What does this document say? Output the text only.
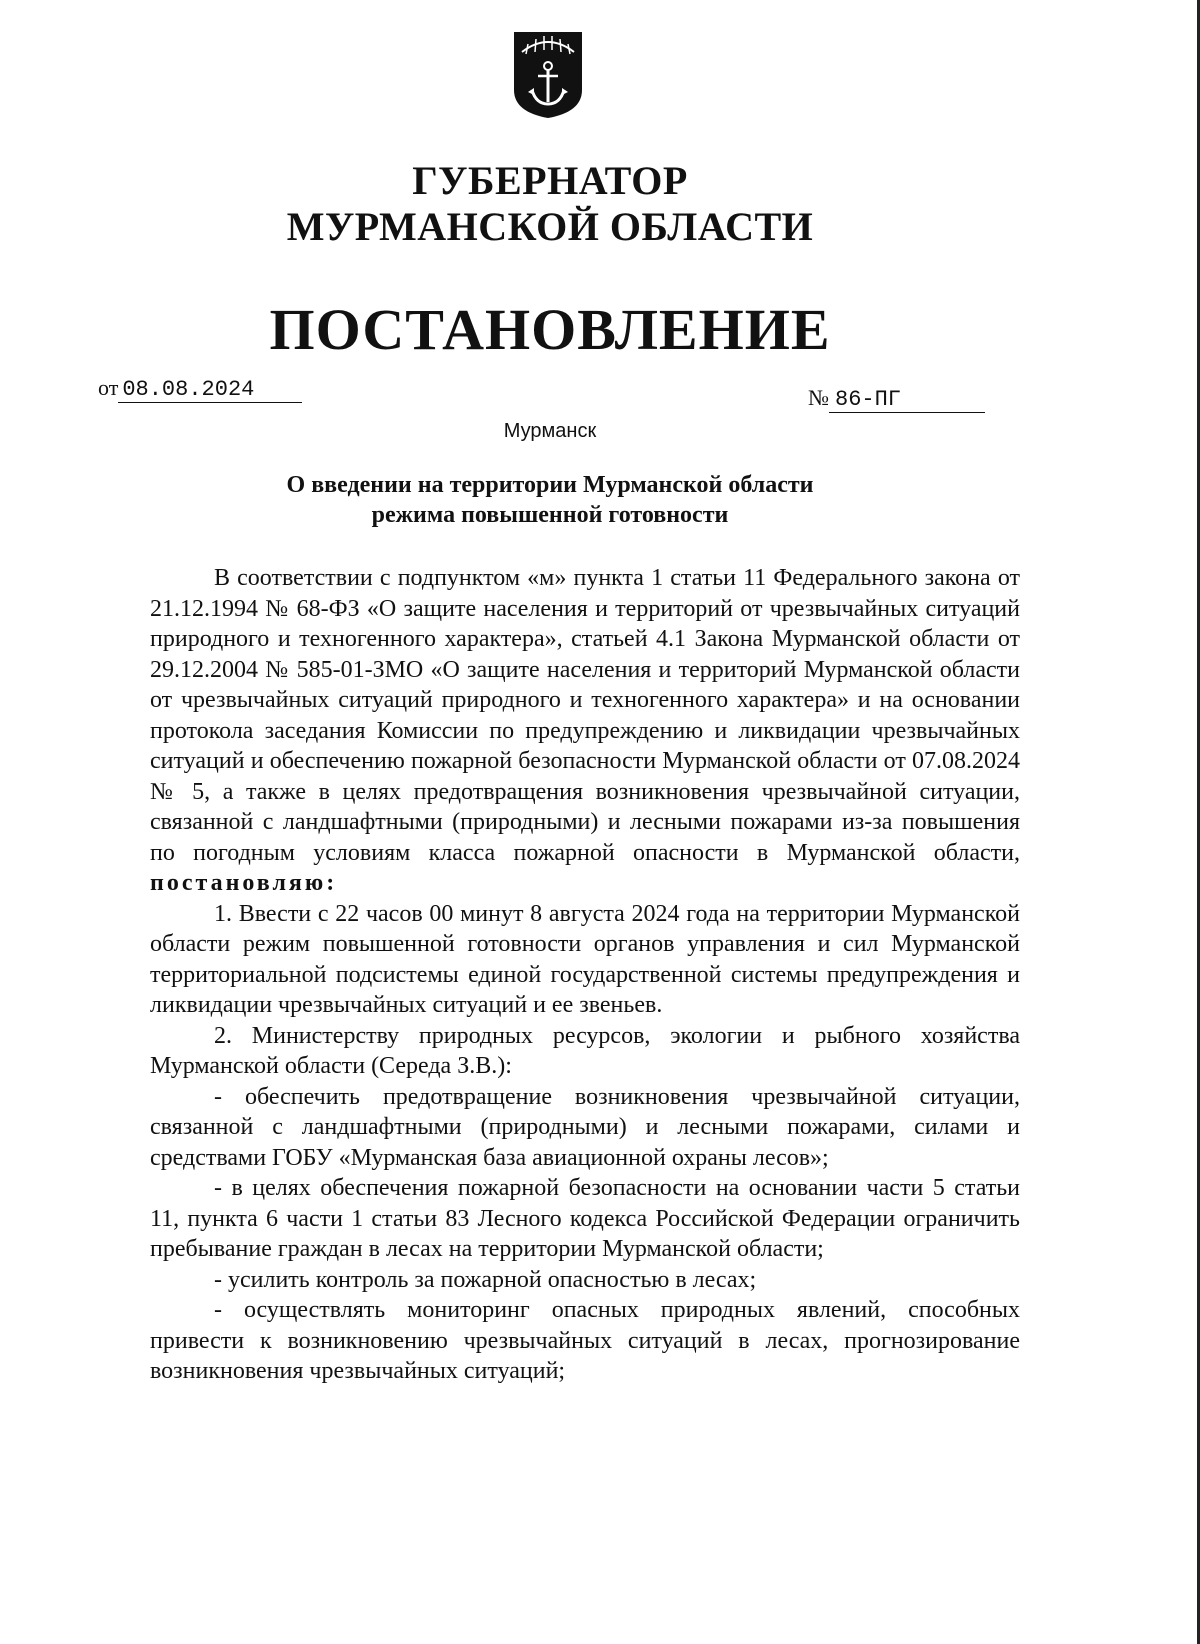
ГУБЕРНАТОР
МУРМАНСКОЙ ОБЛАСТИ
ПОСТАНОВЛЕНИЕ
от 08.08.2024	№ 86-ПГ
Мурманск
О введении на территории Мурманской области
режима повышенной готовности

В соответствии с подпунктом «м» пункта 1 статьи 11 Федерального закона от 21.12.1994 № 68-ФЗ «О защите населения и территорий от чрезвычайных ситуаций природного и техногенного характера», статьей 4.1 Закона Мурманской области от 29.12.2004 № 585-01-ЗМО «О защите населения и территорий Мурманской области от чрезвычайных ситуаций природного и техногенного характера» и на основании протокола заседания Комиссии по предупреждению и ликвидации чрезвычайных ситуаций и обеспечению пожарной безопасности Мурманской области от 07.08.2024 № 5, а также в целях предотвращения возникновения чрезвычайной ситуации, связанной с ландшафтными (природными) и лесными пожарами из-за повышения по погодным условиям класса пожарной опасности в Мурманской области, постановляю:

1. Ввести с 22 часов 00 минут 8 августа 2024 года на территории Мурманской области режим повышенной готовности органов управления и сил Мурманской территориальной подсистемы единой государственной системы предупреждения и ликвидации чрезвычайных ситуаций и ее звеньев.

2. Министерству природных ресурсов, экологии и рыбного хозяйства Мурманской области (Середа З.В.):

- обеспечить предотвращение возникновения чрезвычайной ситуации, связанной с ландшафтными (природными) и лесными пожарами, силами и средствами ГОБУ «Мурманская база авиационной охраны лесов»;

- в целях обеспечения пожарной безопасности на основании части 5 статьи 11, пункта 6 части 1 статьи 83 Лесного кодекса Российской Федерации ограничить пребывание граждан в лесах на территории Мурманской области;

- усилить контроль за пожарной опасностью в лесах;

- осуществлять мониторинг опасных природных явлений, способных привести к возникновению чрезвычайных ситуаций в лесах, прогнозирование возникновения чрезвычайных ситуаций;
